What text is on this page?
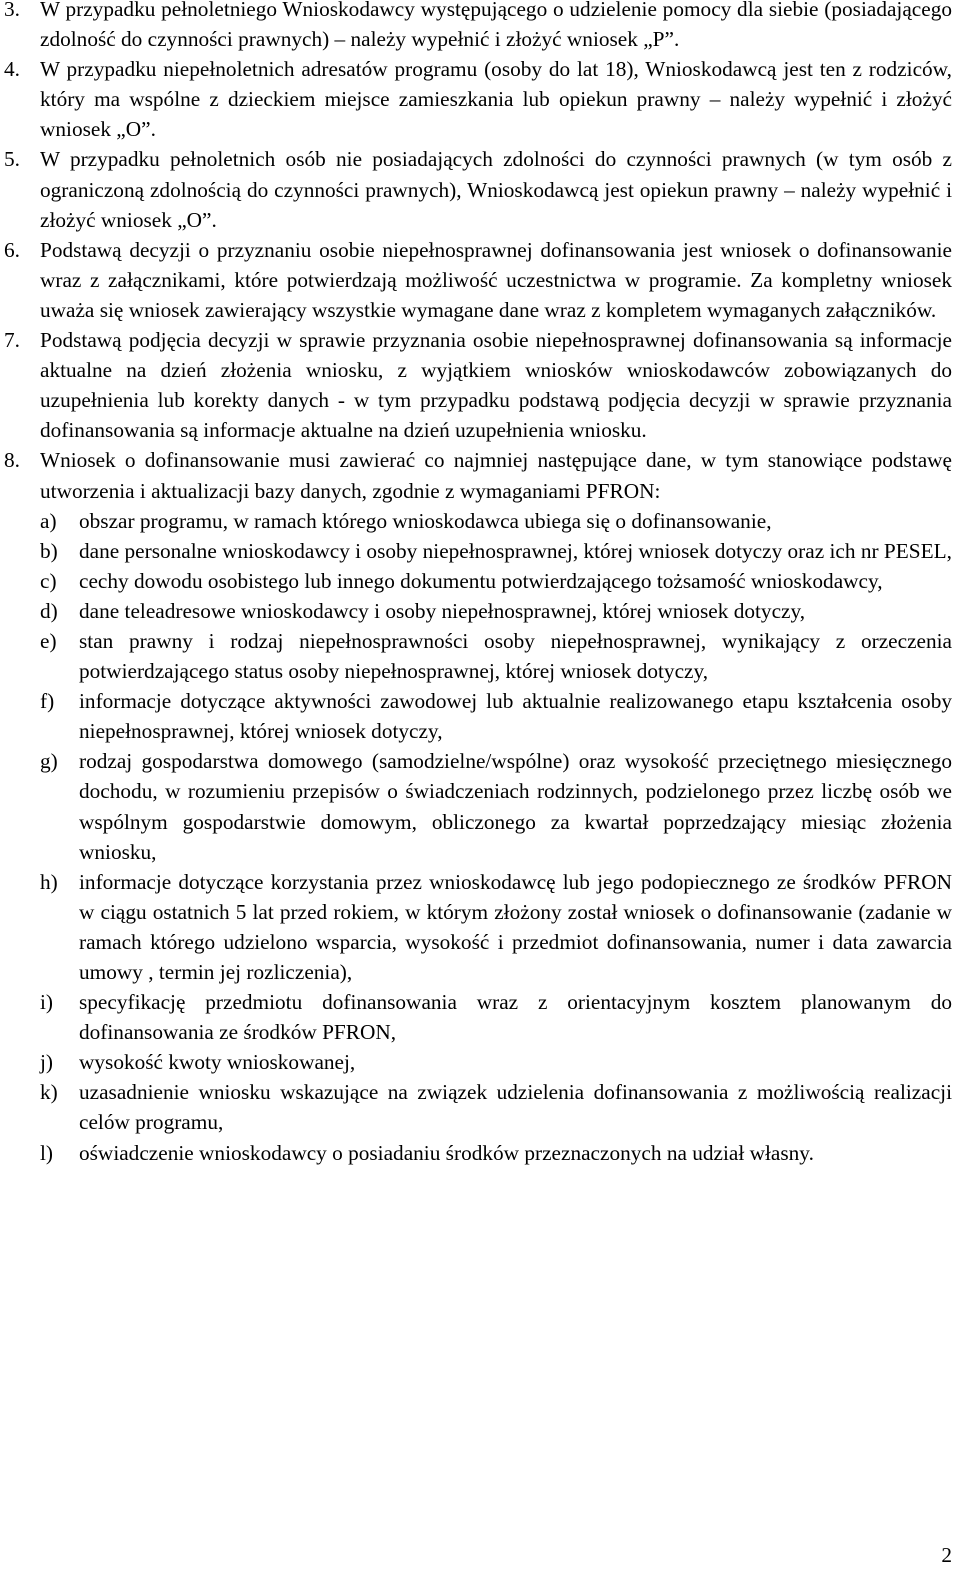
3. W przypadku pełnoletniego Wnioskodawcy występującego o udzielenie pomocy dla siebie (posiadającego zdolność do czynności prawnych) – należy wypełnić i złożyć wniosek „P”.
4. W przypadku niepełnoletnich adresatów programu (osoby do lat 18), Wnioskodawcą jest ten z rodziców, który ma wspólne z dzieckiem miejsce zamieszkania lub opiekun prawny – należy wypełnić i złożyć wniosek „O”.
5. W przypadku pełnoletnich osób nie posiadających zdolności do czynności prawnych (w tym osób z ograniczoną zdolnością do czynności prawnych), Wnioskodawcą jest opiekun prawny – należy wypełnić i złożyć wniosek „O”.
6. Podstawą decyzji o przyznaniu osobie niepełnosprawnej dofinansowania jest wniosek o dofinansowanie wraz z załącznikami, które potwierdzają możliwość uczestnictwa w programie. Za kompletny wniosek uważa się wniosek zawierający wszystkie wymagane dane wraz z kompletem wymaganych załączników.
7. Podstawą podjęcia decyzji w sprawie przyznania osobie niepełnosprawnej dofinansowania są informacje aktualne na dzień złożenia wniosku, z wyjątkiem wniosków wnioskodawców zobowiązanych do uzupełnienia lub korekty danych - w tym przypadku podstawą podjęcia decyzji w sprawie przyznania dofinansowania są informacje aktualne na dzień uzupełnienia wniosku.
8. Wniosek o dofinansowanie musi zawierać co najmniej następujące dane, w tym stanowiące podstawę utworzenia i aktualizacji bazy danych, zgodnie z wymaganiami PFRON:
a) obszar programu, w ramach którego wnioskodawca ubiega się o dofinansowanie,
b) dane personalne wnioskodawcy i osoby niepełnosprawnej, której wniosek dotyczy oraz ich nr PESEL,
c) cechy dowodu osobistego lub innego dokumentu potwierdzającego tożsamość wnioskodawcy,
d) dane teleadresowe wnioskodawcy i osoby niepełnosprawnej, której wniosek dotyczy,
e) stan prawny i rodzaj niepełnosprawności osoby niepełnosprawnej, wynikający z orzeczenia potwierdzającego status osoby niepełnosprawnej, której wniosek dotyczy,
f) informacje dotyczące aktywności zawodowej lub aktualnie realizowanego etapu kształcenia osoby niepełnosprawnej, której wniosek dotyczy,
g) rodzaj gospodarstwa domowego (samodzielne/wspólne) oraz wysokość przeciętnego miesięcznego dochodu, w rozumieniu przepisów o świadczeniach rodzinnych, podzielonego przez liczbę osób we wspólnym gospodarstwie domowym, obliczonego za kwartał poprzedzający miesiąc złożenia wniosku,
h) informacje dotyczące korzystania przez wnioskodawcę lub jego podopiecznego ze środków PFRON w ciągu ostatnich 5 lat przed rokiem, w którym złożony został wniosek o dofinansowanie (zadanie w ramach którego udzielono wsparcia, wysokość i przedmiot dofinansowania, numer i data zawarcia umowy , termin jej rozliczenia),
i) specyfikację przedmiotu dofinansowania wraz z orientacyjnym kosztem planowanym do dofinansowania ze środków PFRON,
j) wysokość kwoty wnioskowanej,
k) uzasadnienie wniosku wskazujące na związek udzielenia dofinansowania z możliwością realizacji celów programu,
l) oświadczenie wnioskodawcy o posiadaniu środków przeznaczonych na udział własny.
2
